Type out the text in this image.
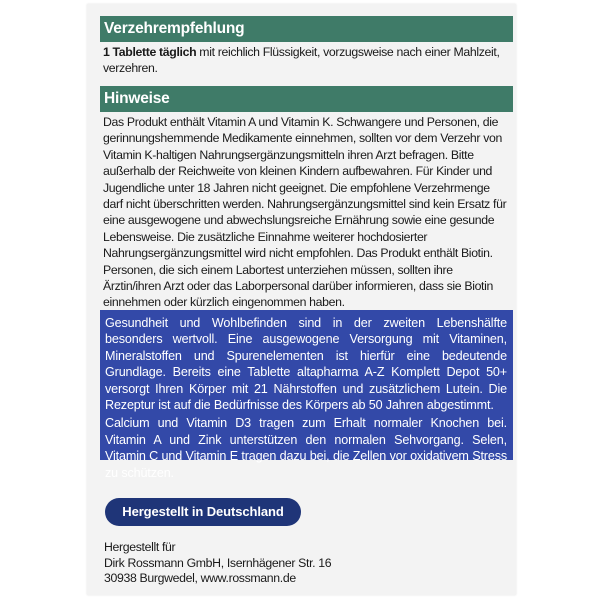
Verzehrempfehlung
1 Tablette täglich mit reichlich Flüssigkeit, vorzugsweise nach einer Mahlzeit, verzehren.
Hinweise
Das Produkt enthält Vitamin A und Vitamin K. Schwangere und Personen, die gerinnungshemmende Medikamente einnehmen, sollten vor dem Verzehr von Vitamin K-haltigen Nahrungsergänzungsmitteln ihren Arzt befragen. Bitte außerhalb der Reichweite von kleinen Kindern aufbewahren. Für Kinder und Jugendliche unter 18 Jahren nicht geeignet. Die empfohlene Verzehrmenge darf nicht überschritten werden. Nahrungsergänzungsmittel sind kein Ersatz für eine ausgewogene und abwechslungsreiche Ernährung sowie eine gesunde Lebensweise. Die zusätzliche Einnahme weiterer hochdosierter Nahrungsergänzungsmittel wird nicht empfohlen. Das Produkt enthält Biotin. Personen, die sich einem Labortest unterziehen müssen, sollten ihre Ärztin/ihren Arzt oder das Laborpersonal darüber informieren, dass sie Biotin einnehmen oder kürzlich eingenommen haben.

Gesundheit und Wohlbefinden sind in der zweiten Lebenshälfte besonders wertvoll. Eine ausgewogene Versorgung mit Vitaminen, Mineralstoffen und Spurenelementen ist hierfür eine bedeutende Grundlage. Bereits eine Tablette altapharma A-Z Komplett Depot 50+ versorgt Ihren Körper mit 21 Nährstoffen und zusätzlichem Lutein. Die Rezeptur ist auf die Bedürfnisse des Körpers ab 50 Jahren abgestimmt.

Calcium und Vitamin D3 tragen zum Erhalt normaler Knochen bei. Vitamin A und Zink unterstützen den normalen Sehvorgang. Selen, Vitamin C und Vitamin E tragen dazu bei, die Zellen vor oxidativem Stress zu schützen.

Hergestellt in Deutschland
Hergestellt für
Dirk Rossmann GmbH, Isernhägener Str. 16
30938 Burgwedel, www.rossmann.de
